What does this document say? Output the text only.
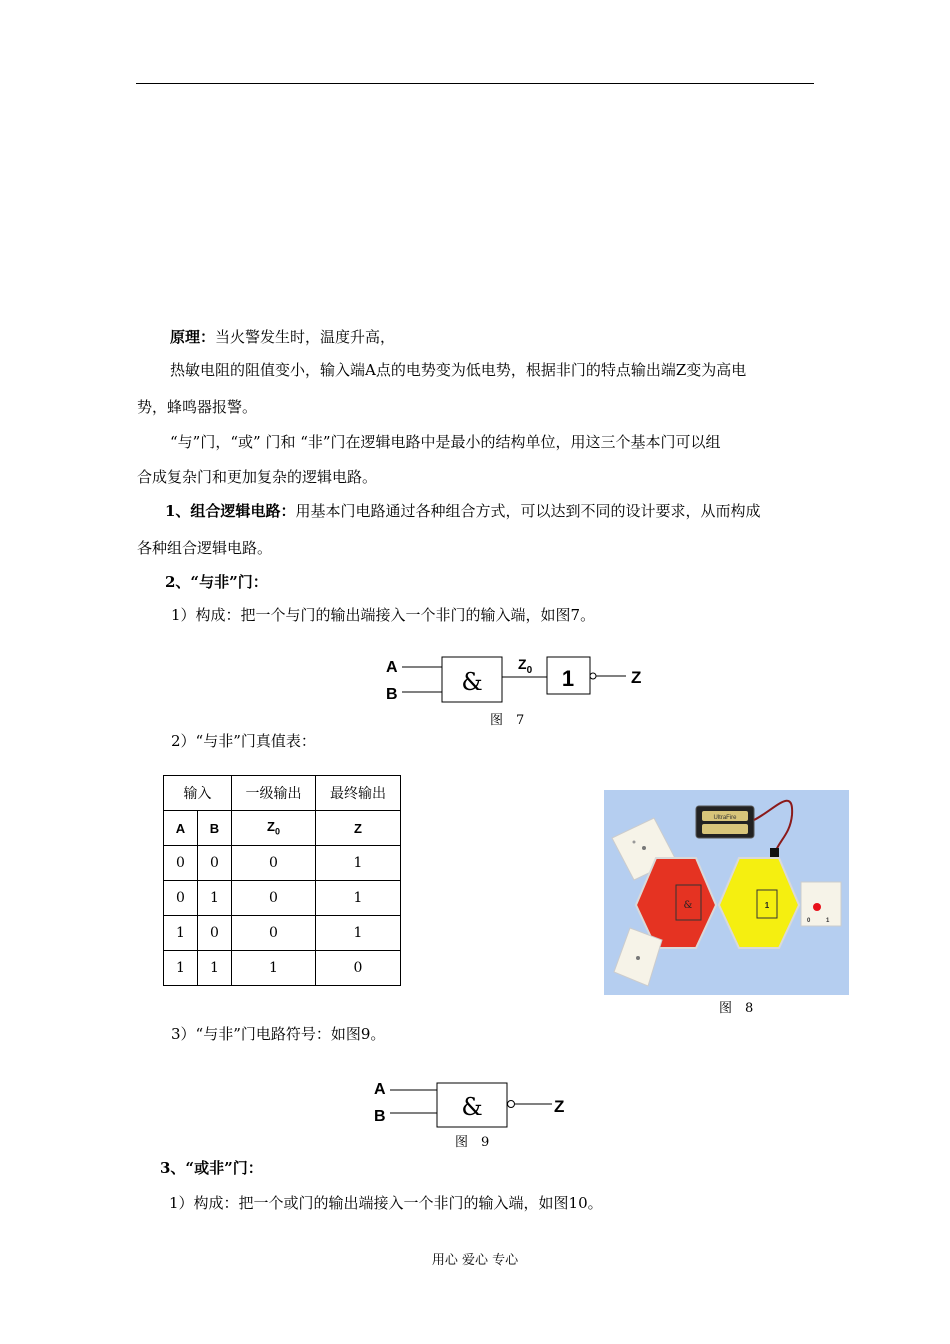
原理：当火警发生时，温度升高，
热敏电阻的阻值变小，输入端A点的电势变为低电势，根据非门的特点输出端Z变为高电
势，蜂鸣器报警。
“与”门，“或” 门和 “非”门在逻辑电路中是最小的结构单位，用这三个基本门可以组
合成复杂门和更加复杂的逻辑电路。
1、组合逻辑电路：用基本门电路通过各种组合方式，可以达到不同的设计要求，从而构成
各种组合逻辑电路。
2、“与非”门：
1）构成：把一个与门的输出端接入一个非门的输入端，如图7。
A
B	&
$Z_0$ 1	Z
图　7
2）“与非”门真值表：
输入		一级输出	最终输出
A	B	$Z_0$	Z
0	0	0	1
0	1	0	1
1	0	0	1
1	1	1	0
UltraFire
&	1
0	1
图　8
3）“与非”门电路符号：如图9。
A
B	&	Z
图　9
3、“或非”门：
1）构成：把一个或门的输出端接入一个非门的输入端，如图10。
用心 爱心 专心
